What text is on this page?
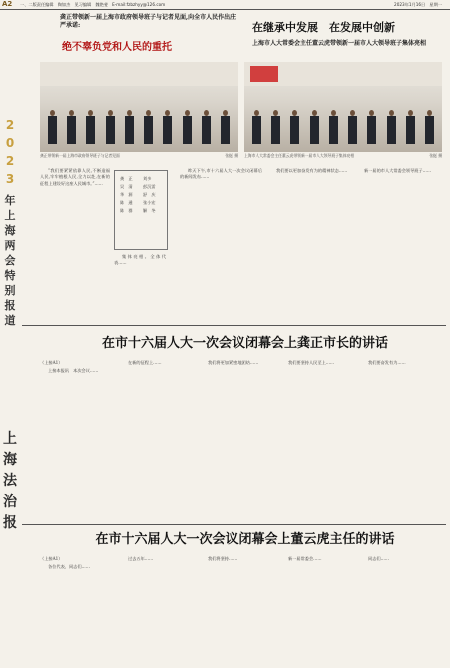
A2 一、二版责任编辑　陶如杰　见习编辑　魏艳斐　E-mail:fzbzhyy@126.com	2023年1月16日　星期一
2
0
2
3
年
上
海
两
会
特
别
报
道
上
海
法
治
报
龚正带领新一届上海市政府领导班子与记者见面,向全市人民作出庄严承诺:
绝不辜负党和人民的重托
龚正带领新一届上海市政府领导班子与记者见面	张挺 摄
“我们要紧紧依靠人民,不断造福人民,牢牢植根人民,全力以赴,在新的征程上建设好这座人民城市。”……
龚　正
吴　清
华　源
陈　通
陈　群
刘多
彭沉雷
舒　庆
张小宏
解　冬
集体亮相。全体代表……
在继承中发展　在发展中创新
上海市人大常委会主任董云虎带领新一届市人大领导班子集体亮相
上海市人大常委会主任董云虎带领新一届市人大领导班子集体亮相	张挺 摄
昨天下午,市十六届人大一次会议闭幕后的新闻发布……
我们要以更加奋发有为的精神状态……	新一届的市人大常委会领导班子……
在市十六届人大一次会议闭幕会上龚正市长的讲话
（上接A1）
上接本报讯　本次会议……
在新的征程上……	我们将更加紧密地团结……	我们要坚持人民至上……	我们要奋发有为……
在市十六届人大一次会议闭幕会上董云虎主任的讲话
（上接A1）
各位代表、同志们……
过去五年……	我们将坚持……	新一届常委会……	同志们……
